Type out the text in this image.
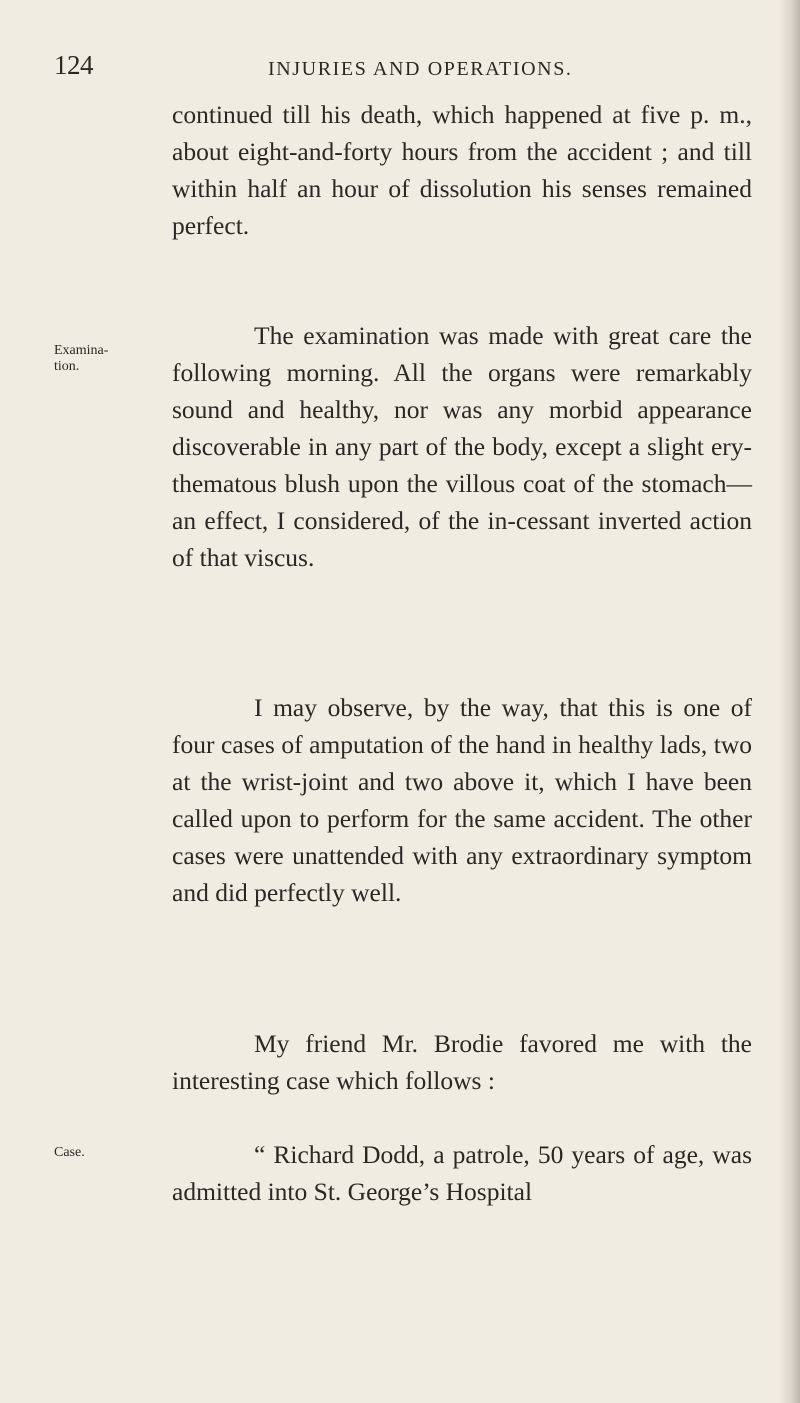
124	INJURIES AND OPERATIONS.
Examina-
tion.
Case.

continued till his death, which happened at five p. m., about eight-and-forty hours from the accident ; and till within half an hour of dissolution his senses remained perfect.

The examination was made with great care the following morning. All the organs were remarkably sound and healthy, nor was any morbid appearance discoverable in any part of the body, except a slight ery-thematous blush upon the villous coat of the stomach—an effect, I considered, of the in-cessant inverted action of that viscus.

I may observe, by the way, that this is one of four cases of amputation of the hand in healthy lads, two at the wrist-joint and two above it, which I have been called upon to perform for the same accident. The other cases were unattended with any extraordinary symptom and did perfectly well.

My friend Mr. Brodie favored me with the interesting case which follows :

“ Richard Dodd, a patrole, 50 years of age, was admitted into St. George’s Hospital
